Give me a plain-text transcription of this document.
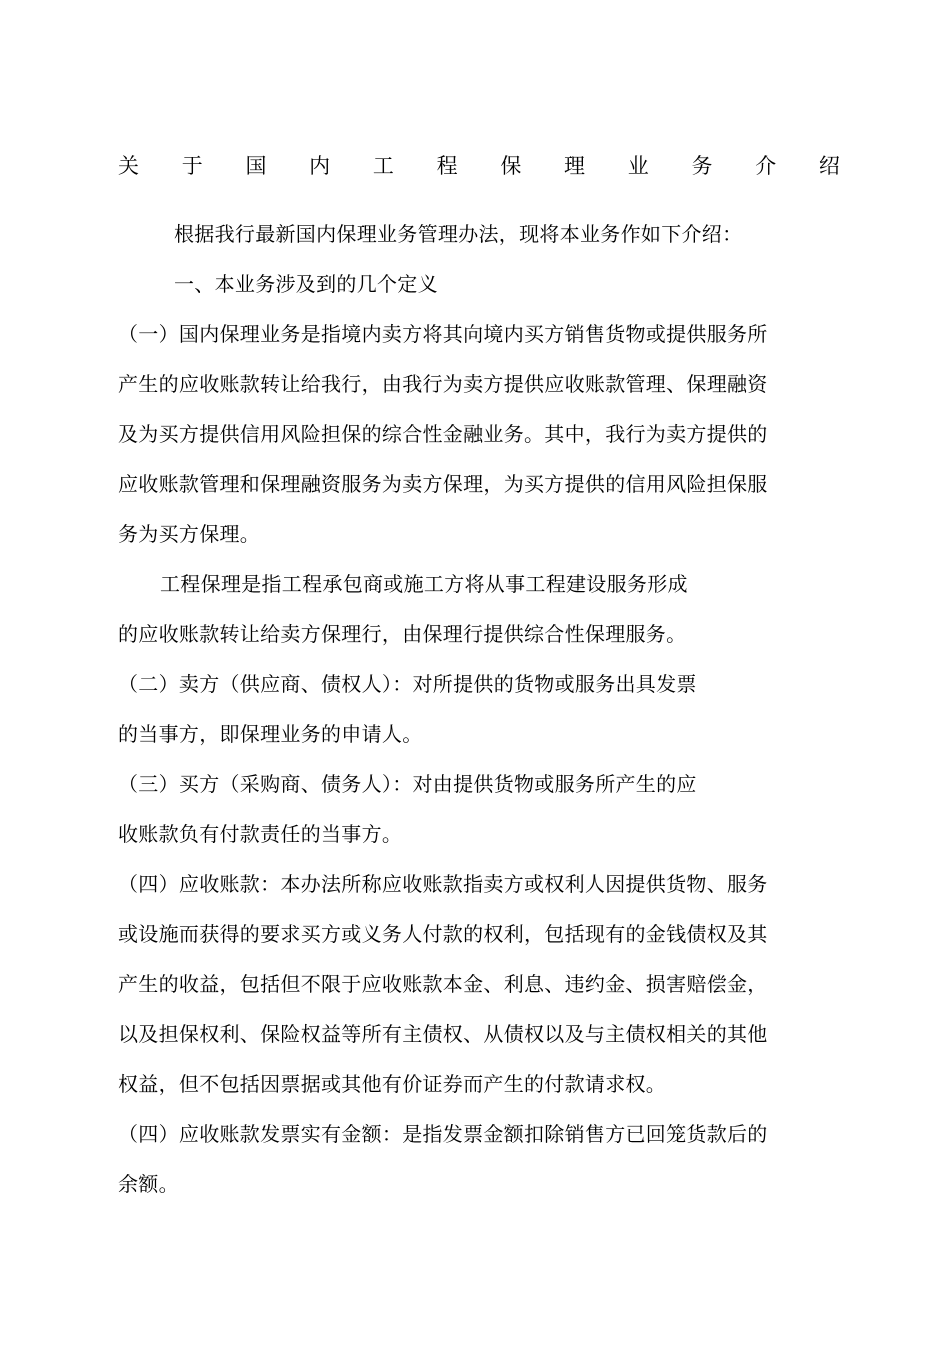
关 于 国 内 工 程 保 理 业 务 介 绍
根据我行最新国内保理业务管理办法，现将本业务作如下介绍：
一、本业务涉及到的几个定义
（一）国内保理业务是指境内卖方将其向境内买方销售货物或提供服务所
产生的应收账款转让给我行，由我行为卖方提供应收账款管理、保理融资
及为买方提供信用风险担保的综合性金融业务。其中，我行为卖方提供的
应收账款管理和保理融资服务为卖方保理，为买方提供的信用风险担保服
务为买方保理。
工程保理是指工程承包商或施工方将从事工程建设服务形成
的应收账款转让给卖方保理行，由保理行提供综合性保理服务。
（二）卖方（供应商、债权人）：对所提供的货物或服务出具发票
的当事方，即保理业务的申请人。
（三）买方（采购商、债务人）：对由提供货物或服务所产生的应
收账款负有付款责任的当事方。
（四）应收账款：本办法所称应收账款指卖方或权利人因提供货物、服务
或设施而获得的要求买方或义务人付款的权利，包括现有的金钱债权及其
产生的收益，包括但不限于应收账款本金、利息、违约金、损害赔偿金，
以及担保权利、保险权益等所有主债权、从债权以及与主债权相关的其他
权益，但不包括因票据或其他有价证券而产生的付款请求权。
（四）应收账款发票实有金额：是指发票金额扣除销售方已回笼货款后的
余额。
